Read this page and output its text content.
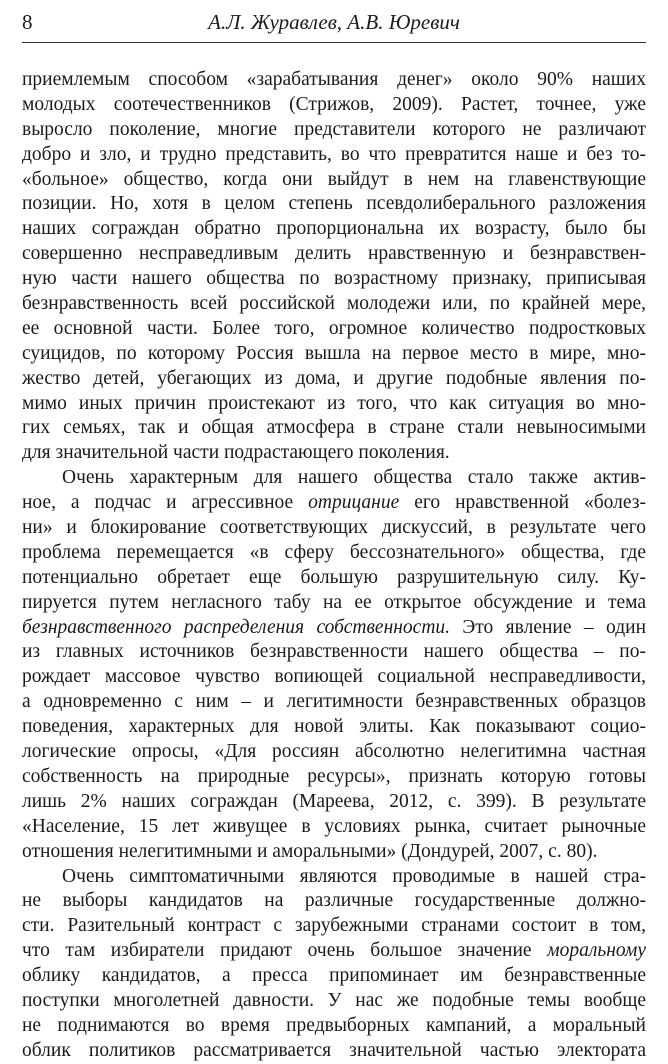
8	А.Л. Журавлев, А.В. Юревич
приемлемым способом «зарабатывания денег» около 90% наших
молодых соотечественников (Стрижов, 2009). Растет, точнее, уже
выросло поколение, многие представители которого не различают
добро и зло, и трудно представить, во что превратится наше и без то-
«больное» общество, когда они выйдут в нем на главенствующие
позиции. Но, хотя в целом степень псевдолиберального разложения
наших сограждан обратно пропорциональна их возрасту, было бы
совершенно несправедливым делить нравственную и безнравствен-
ную части нашего общества по возрастному признаку, приписывая
безнравственность всей российской молодежи или, по крайней мере,
ее основной части. Более того, огромное количество подростковых
суицидов, по которому Россия вышла на первое место в мире, мно-
жество детей, убегающих из дома, и другие подобные явления по-
мимо иных причин проистекают из того, что как ситуация во мно-
гих семьях, так и общая атмосфера в стране стали невыносимыми
для значительной части подрастающего поколения.
Очень характерным для нашего общества стало также актив-
ное, а подчас и агрессивное отрицание его нравственной «болез-
ни» и блокирование соответствующих дискуссий, в результате чего
проблема перемещается «в сферу бессознательного» общества, где
потенциально обретает еще большую разрушительную силу. Ку-
пируется путем негласного табу на ее открытое обсуждение и тема
безнравственного распределения собственности. Это явление – один
из главных источников безнравственности нашего общества – по-
рождает массовое чувство вопиющей социальной несправедливости,
а одновременно с ним – и легитимности безнравственных образцов
поведения, характерных для новой элиты. Как показывают социо-
логические опросы, «Для россиян абсолютно нелегитимна частная
собственность на природные ресурсы», признать которую готовы
лишь 2% наших сограждан (Мареева, 2012, с. 399). В результате
«Население, 15 лет живущее в условиях рынка, считает рыночные
отношения нелегитимными и аморальными» (Дондурей, 2007, с. 80).
Очень симптоматичными являются проводимые в нашей стра-
не выборы кандидатов на различные государственные должно-
сти. Разительный контраст с зарубежными странами состоит в том,
что там избиратели придают очень большое значение моральному
облику кандидатов, а пресса припоминает им безнравственные
поступки многолетней давности. У нас же подобные темы вообще
не поднимаются во время предвыборных кампаний, а моральный
облик политиков рассматривается значительной частью электората
